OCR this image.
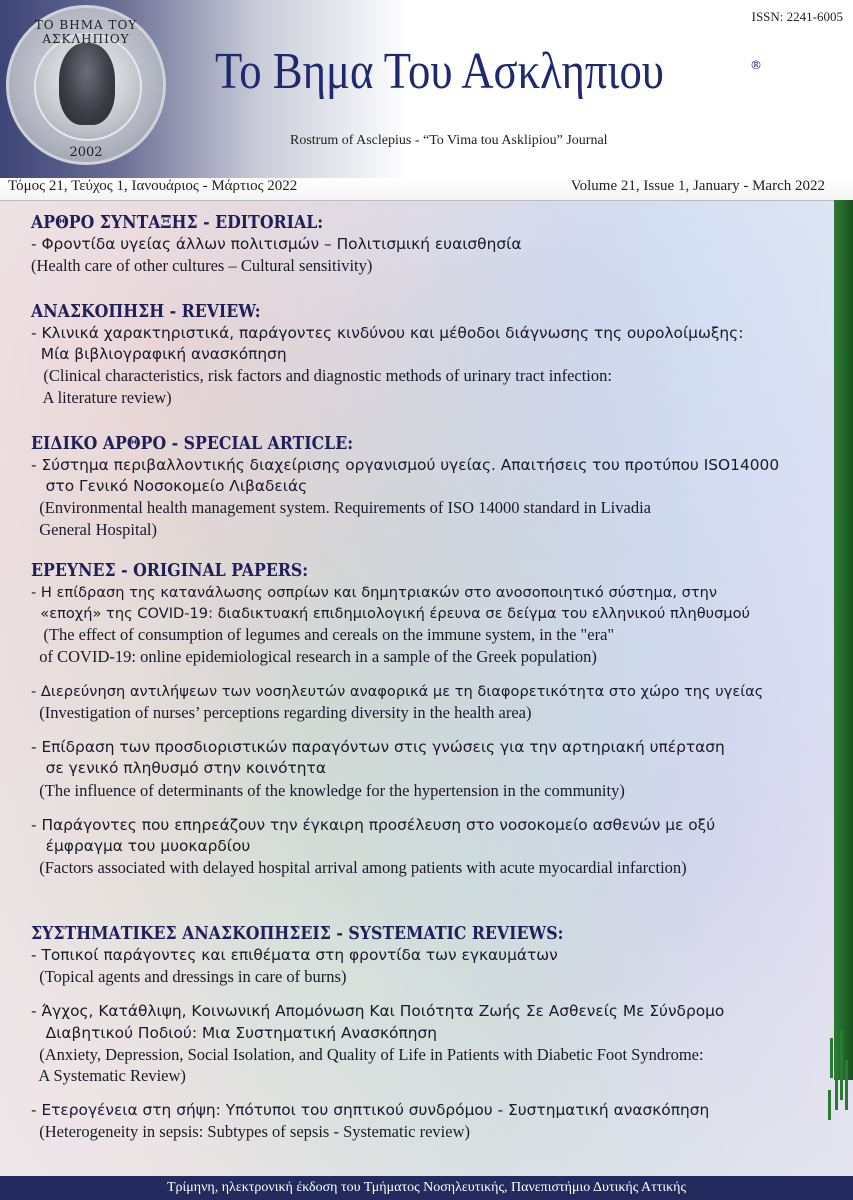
ΤΟ ΒΗΜΑ ΤΟΥ ΑΣΚΛΗΠΙΟΥ
2002
ISSN: 2241-6005
Το Βημα Του Ασκληπιου	®
Rostrum of Asclepius - “To Vima tou Asklipiou” Journal
Τόμος 21, Τεύχος 1, Ιανουάριος - Μάρτιος 2022	Volume 21, Issue 1, January - March 2022
ΑΡΘΡΟ ΣΥΝΤΑΞΗΣ - EDITORIAL:
- Φροντίδα υγείας άλλων πολιτισμών – Πολιτισμική ευαισθησία
(Health care of other cultures – Cultural sensitivity)
ΑΝΑΣΚΟΠΗΣΗ - REVIEW:
- Κλινικά χαρακτηριστικά, παράγοντες κινδύνου και μέθοδοι διάγνωσης της ουρολοίμωξης:
Μία βιβλιογραφική ανασκόπηση
(Clinical characteristics, risk factors and diagnostic methods of urinary tract infection:
A literature review)
ΕΙΔΙΚΟ ΑΡΘΡΟ - SPECIAL ARTICLE:
- Σύστημα περιβαλλοντικής διαχείρισης οργανισμού υγείας. Απαιτήσεις του προτύπου ISO14000
στο Γενικό Νοσοκομείο Λιβαδειάς
(Environmental health management system. Requirements of ISO 14000 standard in Livadia
General Hospital)
ΕΡΕΥΝΕΣ - ORIGINAL PAPERS:
- Η επίδραση της κατανάλωσης οσπρίων και δημητριακών στο ανοσοποιητικό σύστημα, στην
«εποχή» της COVID-19: διαδικτυακή επιδημιολογική έρευνα σε δείγμα του ελληνικού πληθυσμού
(The effect of consumption of legumes and cereals on the immune system, in the "era"
of COVID-19: online epidemiological research in a sample of the Greek population)
- Διερεύνηση αντιλήψεων των νοσηλευτών αναφορικά με τη διαφορετικότητα στο χώρο της υγείας
(Investigation of nurses’ perceptions regarding diversity in the health area)
- Επίδραση των προσδιοριστικών παραγόντων στις γνώσεις για την αρτηριακή υπέρταση
σε γενικό πληθυσμό στην κοινότητα
(The influence of determinants of the knowledge for the hypertension in the community)
- Παράγοντες που επηρεάζουν την έγκαιρη προσέλευση στο νοσοκομείο ασθενών με οξύ
έμφραγμα του μυοκαρδίου
(Factors associated with delayed hospital arrival among patients with acute myocardial infarction)
ΣΥΣΤΗΜΑΤΙΚΕΣ ΑΝΑΣΚΟΠΗΣΕΙΣ - SYSTEMATIC REVIEWS:
- Τοπικοί παράγοντες και επιθέματα στη φροντίδα των εγκαυμάτων
(Topical agents and dressings in care of burns)
- Άγχος, Κατάθλιψη, Κοινωνική Απομόνωση Και Ποιότητα Ζωής Σε Ασθενείς Με Σύνδρομο
Διαβητικού Ποδιού: Μια Συστηματική Ανασκόπηση
(Anxiety, Depression, Social Isolation, and Quality of Life in Patients with Diabetic Foot Syndrome:
A Systematic Review)
- Ετερογένεια στη σήψη: Υπότυποι του σηπτικού συνδρόμου - Συστηματική ανασκόπηση
(Heterogeneity in sepsis: Subtypes of sepsis - Systematic review)
Τρίμηνη, ηλεκτρονική έκδοση του Τμήματος Νοσηλευτικής, Πανεπιστήμιο Δυτικής Αττικής
